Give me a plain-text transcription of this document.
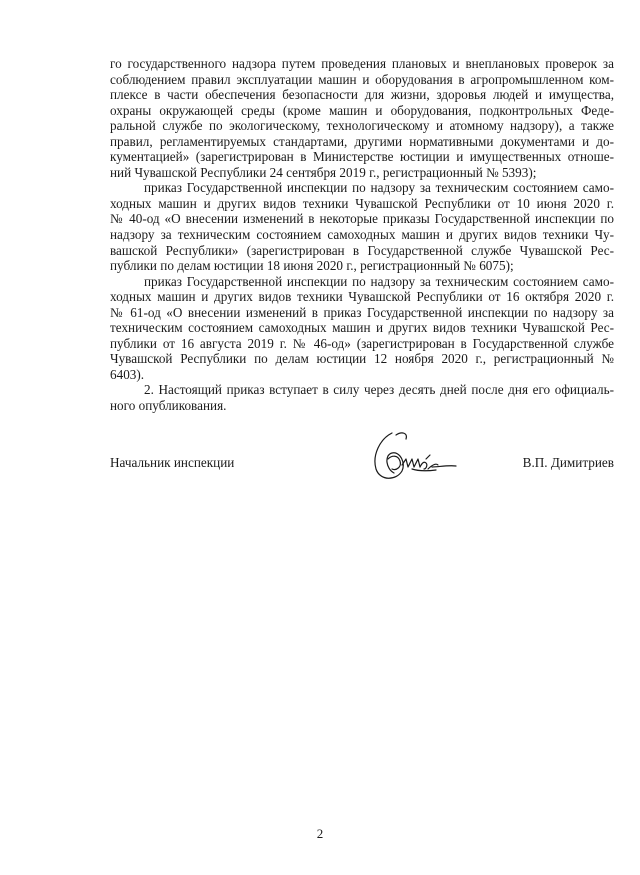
го государственного надзора путем проведения плановых и внеплановых проверок за
соблюдением правил эксплуатации машин и оборудования в агропромышленном ком-
плексе в части обеспечения безопасности для жизни, здоровья людей и имущества,
охраны окружающей среды (кроме машин и оборудования, подконтрольных Феде-
ральной службе по экологическому, технологическому и атомному надзору), а также
правил, регламентируемых стандартами, другими нормативными документами и до-
кументацией» (зарегистрирован в Министерстве юстиции и имущественных отноше-
ний Чувашской Республики 24 сентября 2019 г., регистрационный № 5393);
приказ Государственной инспекции по надзору за техническим состоянием само-
ходных машин и других видов техники Чувашской Республики от 10 июня 2020 г.
№ 40-од «О внесении изменений в некоторые приказы Государственной инспекции по
надзору за техническим состоянием самоходных машин и других видов техники Чу-
вашской Республики» (зарегистрирован в Государственной службе Чувашской Рес-
публики по делам юстиции 18 июня 2020 г., регистрационный № 6075);
приказ Государственной инспекции по надзору за техническим состоянием само-
ходных машин и других видов техники Чувашской Республики от 16 октября 2020 г.
№ 61-од «О внесении изменений в приказ Государственной инспекции по надзору за
техническим состоянием самоходных машин и других видов техники Чувашской Рес-
публики от 16 августа 2019 г. № 46-од» (зарегистрирован в Государственной службе
Чувашской Республики по делам юстиции 12 ноября 2020 г., регистрационный №
6403).
2. Настоящий приказ вступает в силу через десять дней после дня его официаль-
ного опубликования.
Начальник инспекции	В.П. Димитриев
2
